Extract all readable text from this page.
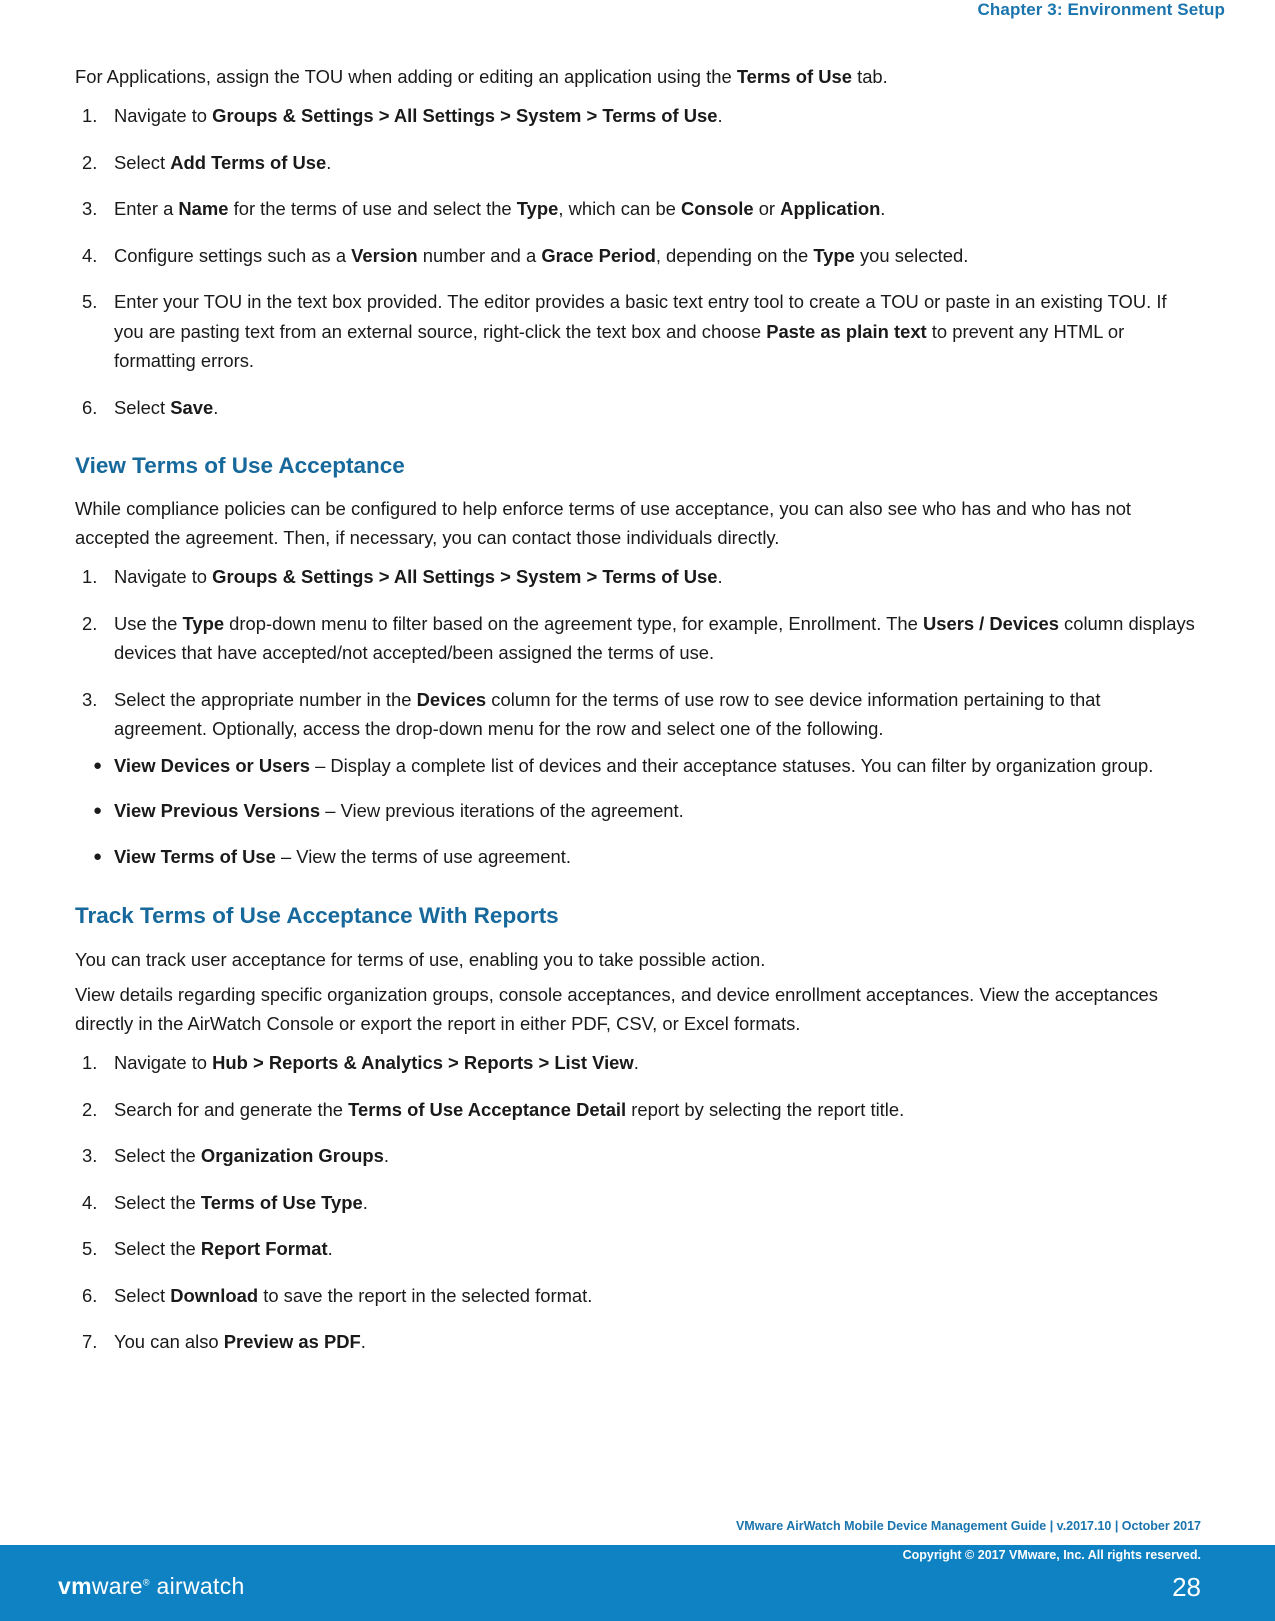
Chapter 3: Environment Setup

For Applications, assign the TOU when adding or editing an application using the Terms of Use tab.

1. Navigate to Groups & Settings > All Settings > System > Terms of Use.
2. Select Add Terms of Use.
3. Enter a Name for the terms of use and select the Type, which can be Console or Application.
4. Configure settings such as a Version number and a Grace Period, depending on the Type you selected.
5. Enter your TOU in the text box provided. The editor provides a basic text entry tool to create a TOU or paste in an existing TOU. If you are pasting text from an external source, right-click the text box and choose Paste as plain text to prevent any HTML or formatting errors.
6. Select Save.
View Terms of Use Acceptance

While compliance policies can be configured to help enforce terms of use acceptance, you can also see who has and who has not accepted the agreement. Then, if necessary, you can contact those individuals directly.

1. Navigate to Groups & Settings > All Settings > System > Terms of Use.
2. Use the Type drop-down menu to filter based on the agreement type, for example, Enrollment. The Users / Devices column displays devices that have accepted/not accepted/been assigned the terms of use.
3. Select the appropriate number in the Devices column for the terms of use row to see device information pertaining to that agreement. Optionally, access the drop-down menu for the row and select one of the following.
● View Devices or Users – Display a complete list of devices and their acceptance statuses. You can filter by organization group.
● View Previous Versions – View previous iterations of the agreement.
● View Terms of Use – View the terms of use agreement.
Track Terms of Use Acceptance With Reports

You can track user acceptance for terms of use, enabling you to take possible action.

View details regarding specific organization groups, console acceptances, and device enrollment acceptances. View the acceptances directly in the AirWatch Console or export the report in either PDF, CSV, or Excel formats.

1. Navigate to Hub > Reports & Analytics > Reports > List View.
2. Search for and generate the Terms of Use Acceptance Detail report by selecting the report title.
3. Select the Organization Groups.
4. Select the Terms of Use Type.
5. Select the Report Format.
6. Select Download to save the report in the selected format.
7. You can also Preview as PDF.
VMware AirWatch Mobile Device Management Guide | v.2017.10 | October 2017
vmware® airwatch
Copyright © 2017 VMware, Inc. All rights reserved.
28
